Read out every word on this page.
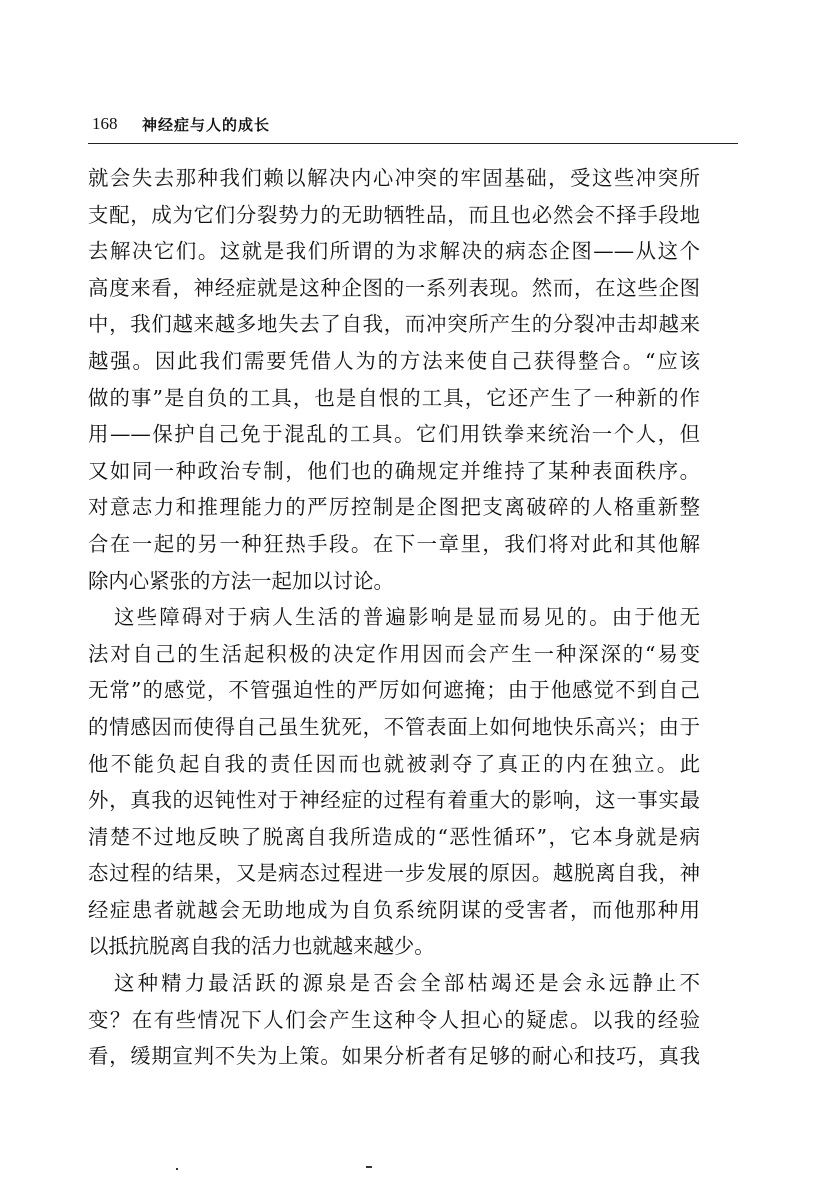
168 神经症与人的成长
就会失去那种我们赖以解决内心冲突的牢固基础，受这些冲突所
支配，成为它们分裂势力的无助牺牲品，而且也必然会不择手段地
去解决它们。这就是我们所谓的为求解决的病态企图——从这个
高度来看，神经症就是这种企图的一系列表现。然而，在这些企图
中，我们越来越多地失去了自我，而冲突所产生的分裂冲击却越来
越强。因此我们需要凭借人为的方法来使自己获得整合。“应该
做的事”是自负的工具，也是自恨的工具，它还产生了一种新的作
用——保护自己免于混乱的工具。它们用铁拳来统治一个人，但
又如同一种政治专制，他们也的确规定并维持了某种表面秩序。
对意志力和推理能力的严厉控制是企图把支离破碎的人格重新整
合在一起的另一种狂热手段。在下一章里，我们将对此和其他解
除内心紧张的方法一起加以讨论。
这些障碍对于病人生活的普遍影响是显而易见的。由于他无
法对自己的生活起积极的决定作用因而会产生一种深深的“易变
无常”的感觉，不管强迫性的严厉如何遮掩；由于他感觉不到自己
的情感因而使得自己虽生犹死，不管表面上如何地快乐高兴；由于
他不能负起自我的责任因而也就被剥夺了真正的内在独立。此
外，真我的迟钝性对于神经症的过程有着重大的影响，这一事实最
清楚不过地反映了脱离自我所造成的“恶性循环”，它本身就是病
态过程的结果，又是病态过程进一步发展的原因。越脱离自我，神
经症患者就越会无助地成为自负系统阴谋的受害者，而他那种用
以抵抗脱离自我的活力也就越来越少。
这种精力最活跃的源泉是否会全部枯竭还是会永远静止不
变？在有些情况下人们会产生这种令人担心的疑虑。以我的经验
看，缓期宣判不失为上策。如果分析者有足够的耐心和技巧，真我
